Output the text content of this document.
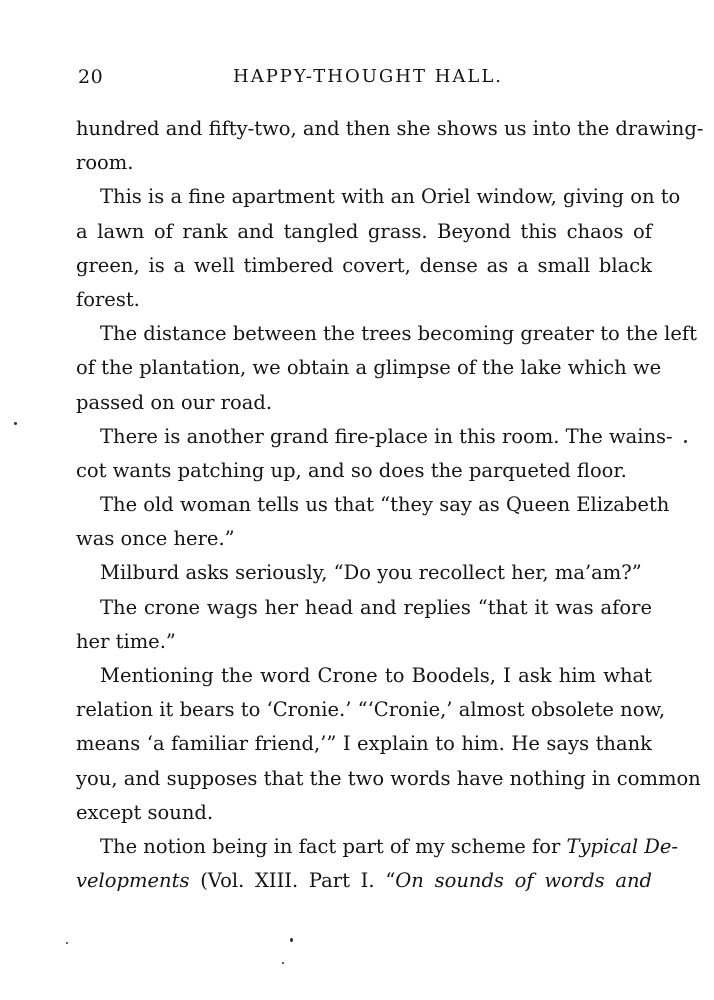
20	HAPPY-THOUGHT HALL.
hundred and fifty-two, and then she shows us into the drawing-
room.
This is a fine apartment with an Oriel window, giving on to
a lawn of rank and tangled grass. Beyond this chaos of
green, is a well timbered covert, dense as a small black
forest.
The distance between the trees becoming greater to the left
of the plantation, we obtain a glimpse of the lake which we
passed on our road.
There is another grand fire-place in this room. The wains-
cot wants patching up, and so does the parqueted floor.
The old woman tells us that “they say as Queen Elizabeth
was once here.”
Milburd asks seriously, “Do you recollect her, ma’am?”
The crone wags her head and replies “that it was afore
her time.”
Mentioning the word Crone to Boodels, I ask him what
relation it bears to ‘Cronie.’ “‘Cronie,’ almost obsolete now,
means ‘a familiar friend,’” I explain to him. He says thank
you, and supposes that the two words have nothing in common
except sound.
The notion being in fact part of my scheme for Typical De-
velopments (Vol. XIII. Part I. “On sounds of words and
